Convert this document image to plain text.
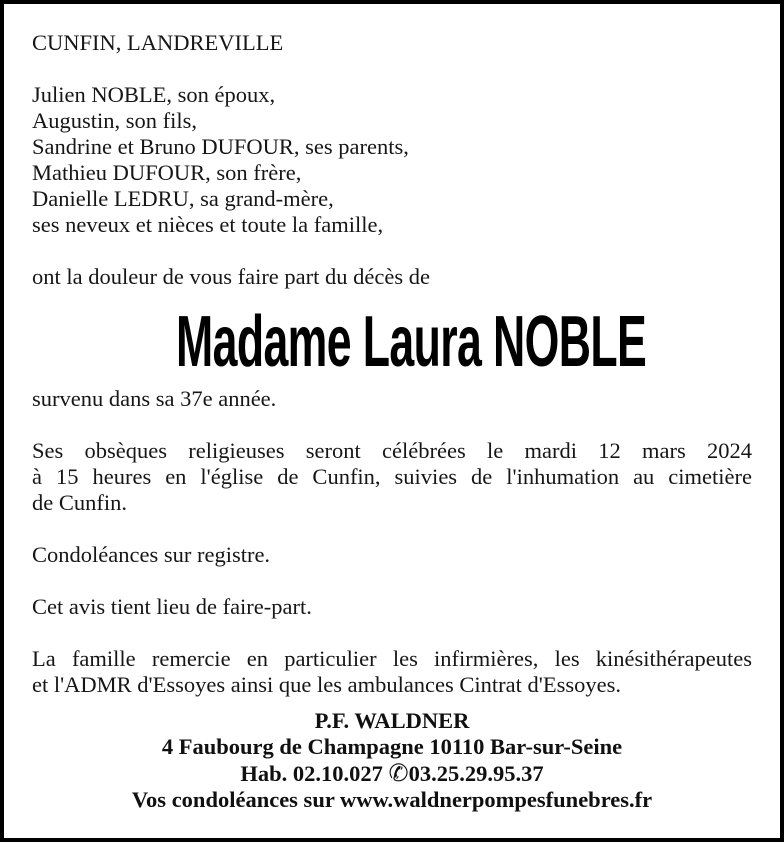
CUNFIN, LANDREVILLE
Julien NOBLE, son époux,
Augustin, son fils,
Sandrine et Bruno DUFOUR, ses parents,
Mathieu DUFOUR, son frère,
Danielle LEDRU, sa grand-mère,
ses neveux et nièces et toute la famille,
ont la douleur de vous faire part du décès de
Madame Laura NOBLE
survenu dans sa 37e année.
Ses obsèques religieuses seront célébrées le mardi 12 mars 2024
à 15 heures en l'église de Cunfin, suivies de l'inhumation au cimetière
de Cunfin.
Condoléances sur registre.
Cet avis tient lieu de faire-part.
La famille remercie en particulier les infirmières, les kinésithérapeutes
et l'ADMR d'Essoyes ainsi que les ambulances Cintrat d'Essoyes.
P.F. WALDNER
4 Faubourg de Champagne 10110 Bar-sur-Seine
Hab. 02.10.027 ✆03.25.29.95.37
Vos condoléances sur www.waldnerpompesfunebres.fr
